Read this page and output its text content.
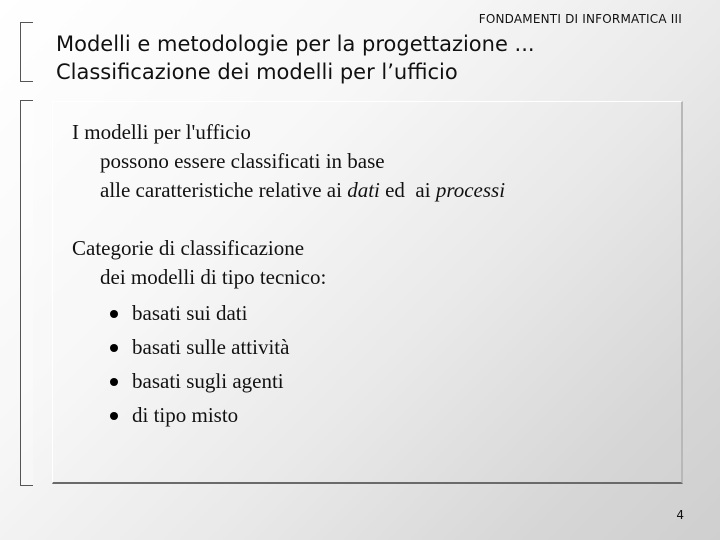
FONDAMENTI DI INFORMATICA III
Modelli e metodologie per la progettazione ...
Classificazione dei modelli per l’ufficio

I modelli per l'ufficio

possono essere classificati in base

alle caratteristiche relative ai dati ed  ai processi

Categorie di classificazione

dei modelli di tipo tecnico:

basati sui dati
basati sulle attività
basati sugli agenti
di tipo misto
4
